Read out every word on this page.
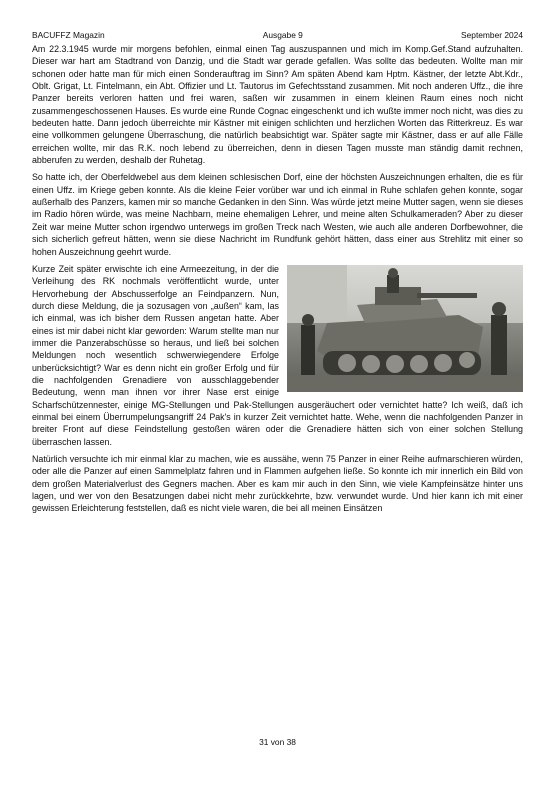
BACUFFZ Magazin	Ausgabe 9	September 2024

Am 22.3.1945 wurde mir morgens befohlen, einmal einen Tag auszuspannen und mich im Komp.Gef.Stand aufzuhalten. Dieser war hart am Stadtrand von Danzig, und die Stadt war gerade gefallen. Was sollte das bedeuten. Wollte man mir schonen oder hatte man für mich einen Sonderauftrag im Sinn? Am späten Abend kam Hptm. Kästner, der letzte Abt.Kdr., Oblt. Grigat, Lt. Fintelmann, ein Abt. Offizier und Lt. Tautorus im Gefechtsstand zusammen. Mit noch anderen Uffz., die ihre Panzer bereits verloren hatten und frei waren, saßen wir zusammen in einem kleinen Raum eines noch nicht zusammengeschossenen Hauses. Es wurde eine Runde Cognac eingeschenkt und ich wußte immer noch nicht, was dies zu bedeuten hatte. Dann jedoch überreichte mir Kästner mit einigen schlichten und herzlichen Worten das Ritterkreuz. Es war eine vollkommen gelungene Überraschung, die natürlich beabsichtigt war. Später sagte mir Kästner, dass er auf alle Fälle erreichen wollte, mir das R.K. noch lebend zu überreichen, denn in diesen Tagen musste man ständig damit rechnen, abberufen zu werden, deshalb der Ruhetag.

So hatte ich, der Oberfeldwebel aus dem kleinen schlesischen Dorf, eine der höchsten Auszeichnungen erhalten, die es für einen Uffz. im Kriege geben konnte. Als die kleine Feier vorüber war und ich einmal in Ruhe schlafen gehen konnte, sogar außerhalb des Panzers, kamen mir so manche Gedanken in den Sinn. Was würde jetzt meine Mutter sagen, wenn sie dieses im Radio hören würde, was meine Nachbarn, meine ehemaligen Lehrer, und meine alten Schulkameraden? Aber zu dieser Zeit war meine Mutter schon irgendwo unterwegs im großen Treck nach Westen, wie auch alle anderen Dorfbewohner, die sich sicherlich gefreut hätten, wenn sie diese Nachricht im Rundfunk gehört hätten, dass einer aus Strehlitz mit einer so hohen Auszeichnung geehrt wurde.

Kurze Zeit später erwischte ich eine Armeezeitung, in der die Verleihung des RK nochmals veröffentlicht wurde, unter Hervorhebung der Abschusserfolge an Feindpanzern. Nun, durch diese Meldung, die ja sozusagen von „außen“ kam, las ich einmal, was ich bisher dem Russen angetan hatte. Aber eines ist mir dabei nicht klar geworden: Warum stellte man nur immer die Panzerabschüsse so heraus, und ließ bei solchen Meldungen noch wesentlich schwerwiegendere Erfolge unberücksichtigt? War es denn nicht ein großer Erfolg und für die nachfolgenden Grenadiere von ausschlaggebender Bedeutung, wenn man ihnen vor ihrer Nase erst einige Scharfschützennester, einige MG-Stellungen und Pak-Stellungen ausgeräuchert oder vernichtet hatte? Ich weiß, daß ich einmal bei einem Überrumpelungsangriff 24 Pak's in kurzer Zeit vernichtet hatte. Wehe, wenn die nachfolgenden Panzer in breiter Front auf diese Feindstellung gestoßen wären oder die Grenadiere hätten sich von einer solchen Stellung überraschen lassen.

Natürlich versuchte ich mir einmal klar zu machen, wie es aussähe, wenn 75 Panzer in einer Reihe aufmarschieren würden, oder alle die Panzer auf einen Sammelplatz fahren und in Flammen aufgehen ließe. So konnte ich mir innerlich ein Bild von dem großen Materialverlust des Gegners machen. Aber es kam mir auch in den Sinn, wie viele Kampfeinsätze hinter uns lagen, und wer von den Besatzungen dabei nicht mehr zurückkehrte, bzw. verwundet wurde. Und hier kann ich mit einer gewissen Erleichterung feststellen, daß es nicht viele waren, die bei all meinen Einsätzen

31 von 38
